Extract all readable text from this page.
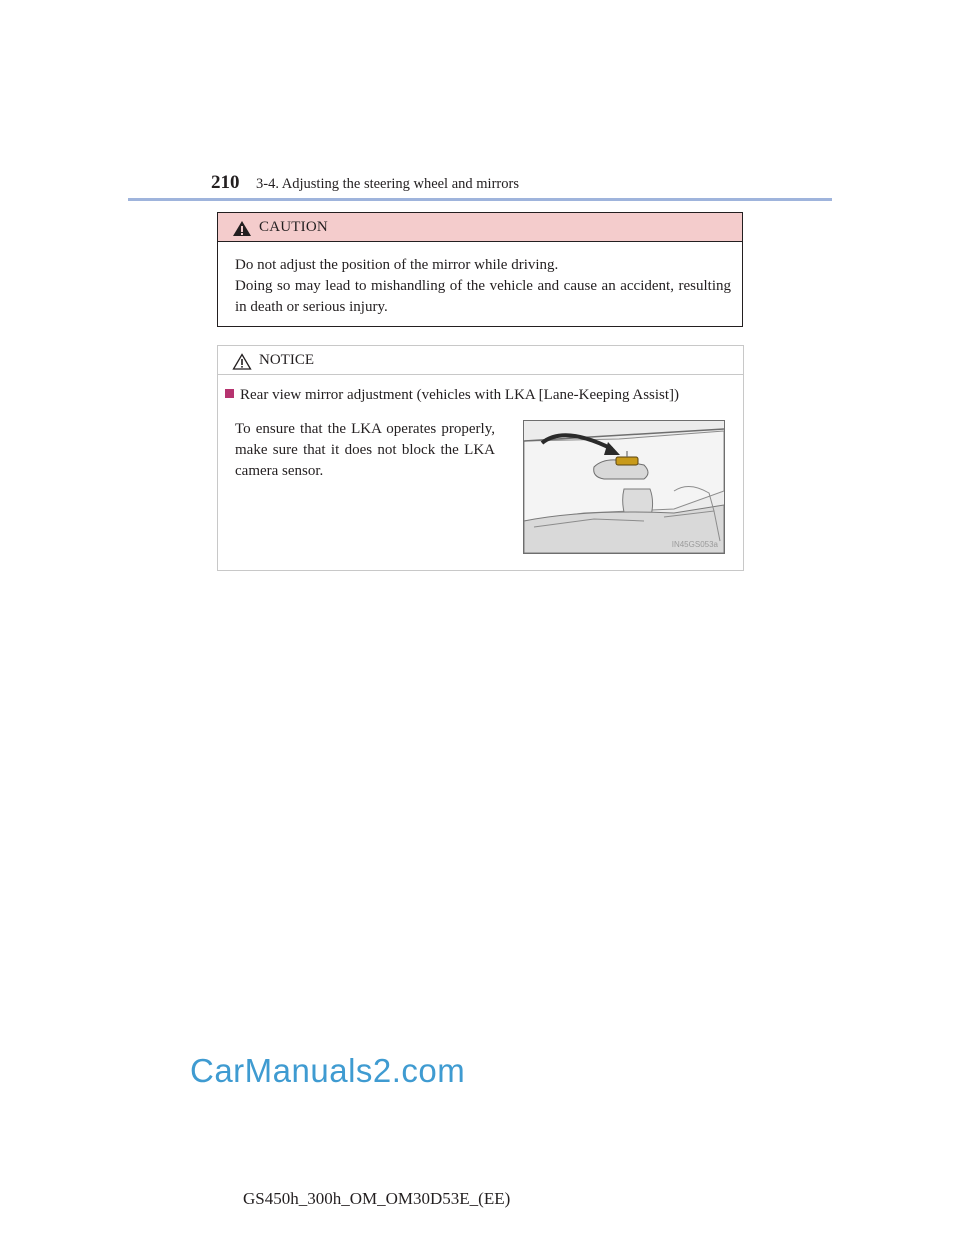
210 3-4. Adjusting the steering wheel and mirrors
CAUTION

Do not adjust the position of the mirror while driving.

Doing so may lead to mishandling of the vehicle and cause an accident, resulting in death or serious injury.

NOTICE
Rear view mirror adjustment (vehicles with LKA [Lane-Keeping Assist])
To ensure that the LKA operates properly, make sure that it does not block the LKA camera sensor.
IN45GS053a
CarManuals2.com
GS450h_300h_OM_OM30D53E_(EE)
